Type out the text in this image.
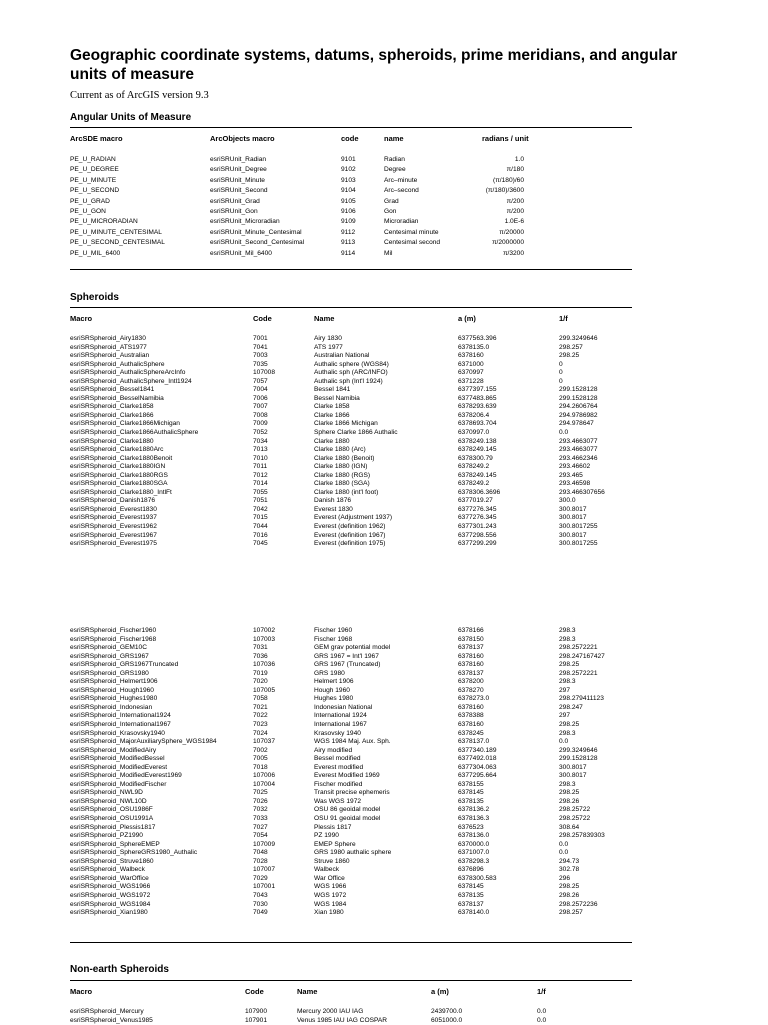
Geographic coordinate systems, datums, spheroids, prime meridians, and angular units of measure

Current as of ArcGIS version 9.3

Angular Units of Measure
ArcSDE macro	ArcObjects macro	code	name	radians / unit
PE_U_RADIAN	esriSRUnit_Radian	9101	Radian	1.0
PE_U_DEGREE	esriSRUnit_Degree	9102	Degree	π/180
PE_U_MINUTE	esriSRUnit_Minute	9103	Arc–minute	(π/180)/60
PE_U_SECOND	esriSRUnit_Second	9104	Arc–second	(π/180)/3600
PE_U_GRAD	esriSRUnit_Grad	9105	Grad	π/200
PE_U_GON	esriSRUnit_Gon	9106	Gon	π/200
PE_U_MICRORADIAN	esriSRUnit_Microradian	9109	Microradian	1.0E-6
PE_U_MINUTE_CENTESIMAL	esriSRUnit_Minute_Centesimal	9112	Centesimal minute	π/20000
PE_U_SECOND_CENTESIMAL	esriSRUnit_Second_Centesimal	9113	Centesimal second	π/2000000
PE_U_MIL_6400	esriSRUnit_Mil_6400	9114	Mil	π/3200
Spheroids
Macro	Code	Name	a (m)	1/f
esriSRSpheroid_Airy1830	7001	Airy 1830	6377563.396	299.3249646
esriSRSpheroid_ATS1977	7041	ATS 1977	6378135.0	298.257
esriSRSpheroid_Australian	7003	Australian National	6378160	298.25
esriSRSpheroid_AuthalicSphere	7035	Authalic sphere (WGS84)	6371000	0
esriSRSpheroid_AuthalicSphereArcInfo	107008	Authalic sph (ARC/INFO)	6370997	0
esriSRSpheroid_AuthalicSphere_Intl1924	7057	Authalic sph (Int'l 1924)	6371228	0
esriSRSpheroid_Bessel1841	7004	Bessel 1841	6377397.155	299.1528128
esriSRSpheroid_BesselNamibia	7006	Bessel Namibia	6377483.865	299.1528128
esriSRSpheroid_Clarke1858	7007	Clarke 1858	6378293.639	294.2606764
esriSRSpheroid_Clarke1866	7008	Clarke 1866	6378206.4	294.9786982
esriSRSpheroid_Clarke1866Michigan	7009	Clarke 1866 Michigan	6378693.704	294.978647
esriSRSpheroid_Clarke1866AuthalicSphere	7052	Sphere Clarke 1866 Authalic	6370997.0	0.0
esriSRSpheroid_Clarke1880	7034	Clarke 1880	6378249.138	293.4663077
esriSRSpheroid_Clarke1880Arc	7013	Clarke 1880 (Arc)	6378249.145	293.4663077
esriSRSpheroid_Clarke1880Benoit	7010	Clarke 1880 (Benoit)	6378300.79	293.4662346
esriSRSpheroid_Clarke1880IGN	7011	Clarke 1880 (IGN)	6378249.2	293.46602
esriSRSpheroid_Clarke1880RGS	7012	Clarke 1880 (RGS)	6378249.145	293.465
esriSRSpheroid_Clarke1880SGA	7014	Clarke 1880 (SGA)	6378249.2	293.46598
esriSRSpheroid_Clarke1880_IntlFt	7055	Clarke 1880 (int'l foot)	6378306.3696	293.466307656
esriSRSpheroid_Danish1876	7051	Danish 1876	6377019.27	300.0
esriSRSpheroid_Everest1830	7042	Everest 1830	6377276.345	300.8017
esriSRSpheroid_Everest1937	7015	Everest (Adjustment 1937)	6377276.345	300.8017
esriSRSpheroid_Everest1962	7044	Everest (definition 1962)	6377301.243	300.8017255
esriSRSpheroid_Everest1967	7016	Everest (definition 1967)	6377298.556	300.8017
esriSRSpheroid_Everest1975	7045	Everest (definition 1975)	6377299.299	300.8017255
esriSRSpheroid_Fischer1960	107002	Fischer 1960	6378166	298.3
esriSRSpheroid_Fischer1968	107003	Fischer 1968	6378150	298.3
esriSRSpheroid_GEM10C	7031	GEM grav potential model	6378137	298.2572221
esriSRSpheroid_GRS1967	7036	GRS 1967 = Int'l 1967	6378160	298.247167427
esriSRSpheroid_GRS1967Truncated	107036	GRS 1967 (Truncated)	6378160	298.25
esriSRSpheroid_GRS1980	7019	GRS 1980	6378137	298.2572221
esriSRSpheroid_Helmert1906	7020	Helmert 1906	6378200	298.3
esriSRSpheroid_Hough1960	107005	Hough 1960	6378270	297
esriSRSpheroid_Hughes1980	7058	Hughes 1980	6378273.0	298.279411123
esriSRSpheroid_Indonesian	7021	Indonesian National	6378160	298.247
esriSRSpheroid_International1924	7022	International 1924	6378388	297
esriSRSpheroid_International1967	7023	International 1967	6378160	298.25
esriSRSpheroid_Krasovsky1940	7024	Krasovsky 1940	6378245	298.3
esriSRSpheroid_MajorAuxiliarySphere_WGS1984	107037	WGS 1984 Maj. Aux. Sph.	6378137.0	0.0
esriSRSpheroid_ModifiedAiry	7002	Airy modified	6377340.189	299.3249646
esriSRSpheroid_ModifiedBessel	7005	Bessel modified	6377492.018	299.1528128
esriSRSpheroid_ModifiedEverest	7018	Everest modified	6377304.063	300.8017
esriSRSpheroid_ModifiedEverest1969	107006	Everest Modified 1969	6377295.664	300.8017
esriSRSpheroid_ModifiedFischer	107004	Fischer modified	6378155	298.3
esriSRSpheroid_NWL9D	7025	Transit precise ephemeris	6378145	298.25
esriSRSpheroid_NWL10D	7026	Was WGS 1972	6378135	298.26
esriSRSpheroid_OSU1986F	7032	OSU 86 geoidal model	6378136.2	298.25722
esriSRSpheroid_OSU1991A	7033	OSU 91 geoidal model	6378136.3	298.25722
esriSRSpheroid_Plessis1817	7027	Plessis 1817	6376523	308.64
esriSRSpheroid_PZ1990	7054	PZ 1990	6378136.0	298.257839303
esriSRSpheroid_SphereEMEP	107009	EMEP Sphere	6370000.0	0.0
esriSRSpheroid_SphereGRS1980_Authalic	7048	GRS 1980 authalic sphere	6371007.0	0.0
esriSRSpheroid_Struve1860	7028	Struve 1860	6378298.3	294.73
esriSRSpheroid_Walbeck	107007	Walbeck	6376896	302.78
esriSRSpheroid_WarOffice	7029	War Office	6378300.583	296
esriSRSpheroid_WGS1966	107001	WGS 1966	6378145	298.25
esriSRSpheroid_WGS1972	7043	WGS 1972	6378135	298.26
esriSRSpheroid_WGS1984	7030	WGS 1984	6378137	298.2572236
esriSRSpheroid_Xian1980	7049	Xian 1980	6378140.0	298.257
Non-earth Spheroids
Macro	Code	Name	a (m)	1/f
esriSRSpheroid_Mercury	107900	Mercury 2000 IAU IAG	2439700.0	0.0
esriSRSpheroid_Venus1985	107901	Venus 1985 IAU IAG COSPAR	6051000.0	0.0
